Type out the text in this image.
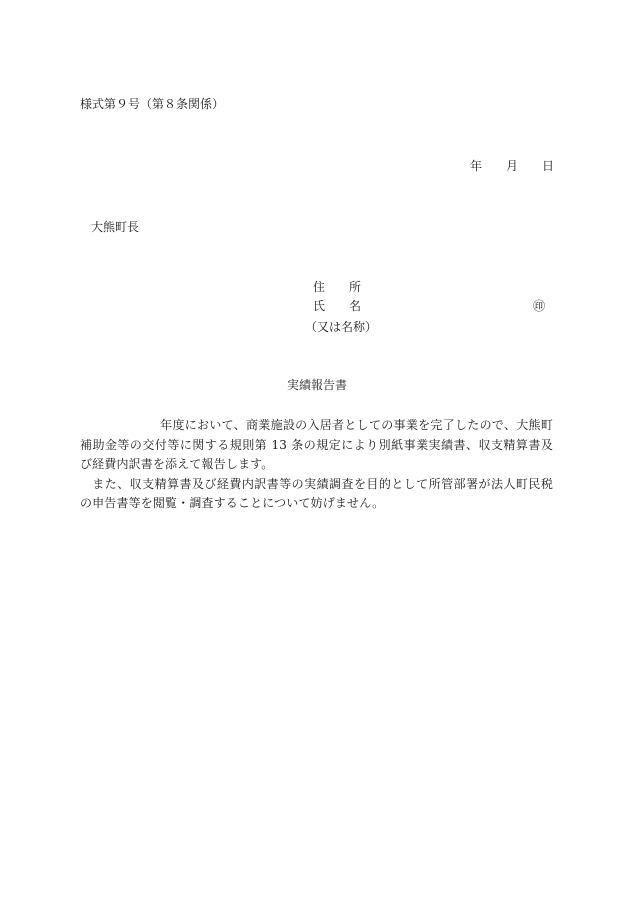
様式第９号（第８条関係）
年 月 日
大熊町長
住 所
氏 名	㊞
（又は名称）
実績報告書

年度において、商業施設の入居者としての事業を完了したので、大熊町補助金等の交付等に関する規則第 13 条の規定により別紙事業実績書、収支精算書及び経費内訳書を添えて報告します。

また、収支精算書及び経費内訳書等の実績調査を目的として所管部署が法人町民税の申告書等を閲覧・調査することについて妨げません。
